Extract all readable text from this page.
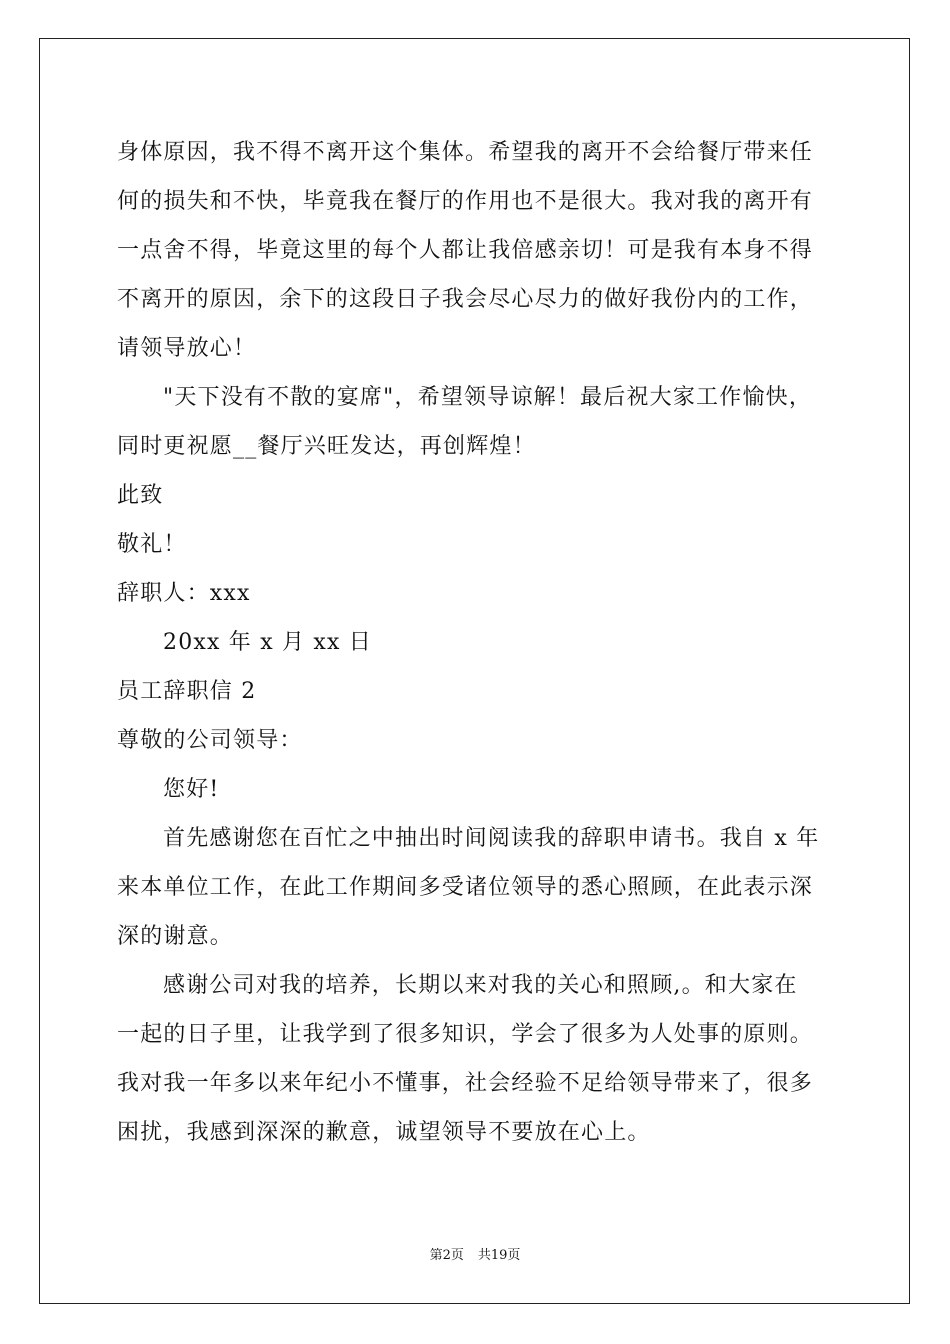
身体原因，我不得不离开这个集体。希望我的离开不会给餐厅带来任
何的损失和不快，毕竟我在餐厅的作用也不是很大。我对我的离开有
一点舍不得，毕竟这里的每个人都让我倍感亲切！可是我有本身不得
不离开的原因，余下的这段日子我会尽心尽力的做好我份内的工作，
请领导放心！
"天下没有不散的宴席"，希望领导谅解！最后祝大家工作愉快，
同时更祝愿__餐厅兴旺发达，再创辉煌！
此致
敬礼！
辞职人：xxx
20xx 年 x 月 xx 日
员工辞职信 2
尊敬的公司领导：
您好!
首先感谢您在百忙之中抽出时间阅读我的辞职申请书。我自 x 年
来本单位工作，在此工作期间多受诸位领导的悉心照顾，在此表示深
深的谢意。
感谢公司对我的培养，长期以来对我的关心和照顾,。和大家在
一起的日子里，让我学到了很多知识，学会了很多为人处事的原则。
我对我一年多以来年纪小不懂事，社会经验不足给领导带来了，很多
困扰，我感到深深的歉意，诚望领导不要放在心上。
第2页 共19页
